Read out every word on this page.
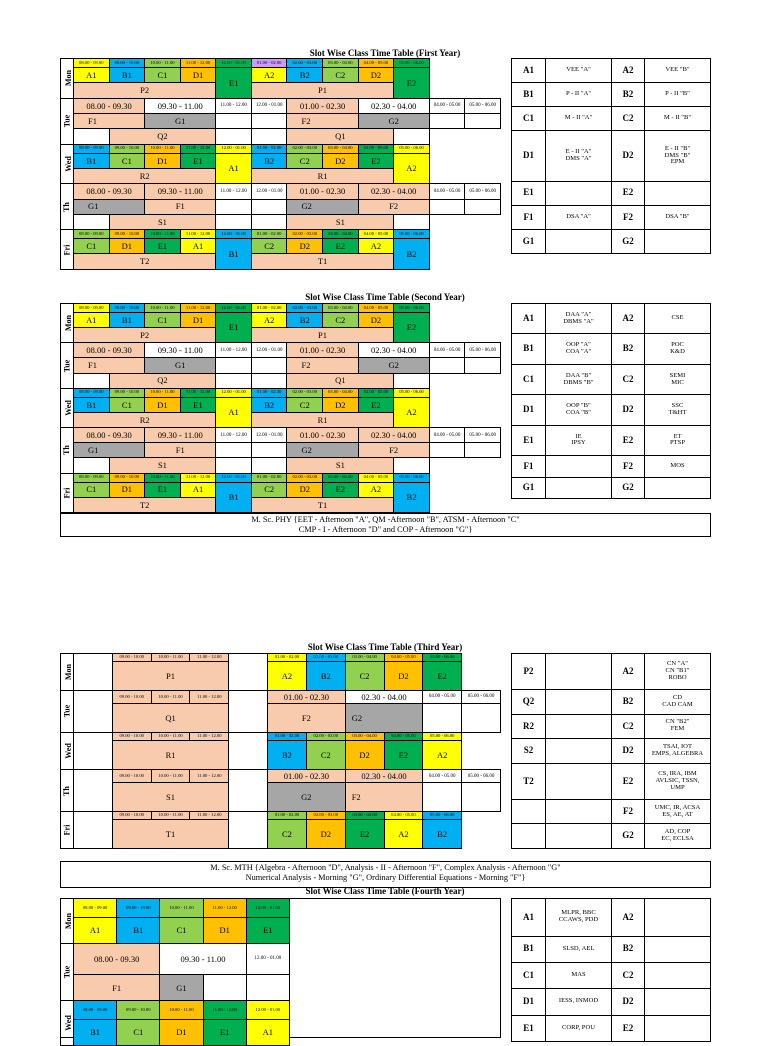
Slot Wise Class Time Table (First Year)
Mon	08.00 - 09.00	09.00 - 10.00	10.00 - 11.00	11.00 - 12.00	12.00 - 01.00	01.00 - 02.00	02.00 - 03.00	03.00 - 04.00	04.00 - 05.00	05.00 - 06.00		
	A1	B1	C1	D1	E1	A2	B2	C2	D2	E2		
	P2					P1						
Tue	08.00 - 09.30		09.30 - 11.00		11.00 - 12.00	12.00 - 01.00	01.00 - 02.30		02.30 - 04.00		04.00 - 05.00	05.00 - 06.00
	F1		G1				F2		G2			
		Q2					Q1					
Wed	08.00 - 09.00	09.00 - 10.00	10.00 - 11.00	11.00 - 12.00	12.00 - 01.00	01.00 - 02.00	02.00 - 03.00	03.00 - 04.00	04.00 - 05.00	05.00 - 06.00		
	B1	C1	D1	E1	A1	B2	C2	D2	E2	A2		
	R2					R1						
Th	08.00 - 09.30		09.30 - 11.00		11.00 - 12.00	12.00 - 01.00	01.00 - 02.30		02.30 - 04.00		04.00 - 05.00	05.00 - 06.00
	G1		F1				G2		F2			
		S1					S1					
Fri	08.00 - 09.00	09.00 - 10.00	10.00 - 11.00	11.00 - 12.00	12.00 - 01.00	01.00 - 02.00	02.00 - 03.00	03.00 - 04.00	04.00 - 05.00	05.00 - 06.00		
	C1	D1	E1	A1	B1	C2	D2	E2	A2	B2		
	T2					T1						
A1	VEE "A"	A2	VEE "B"
B1	P - II "A"	B2	P - II "B"
C1	M - II "A"	C2	M - II "B"
D1	E - II "A"
DMS "A"	D2	E - II "B"
DMS "B"
EPM
E1		E2	
F1	DSA "A"	F2	DSA "B"
G1		G2	
Slot Wise Class Time Table (Second Year)
Mon	08.00 - 09.00	09.00 - 10.00	10.00 - 11.00	11.00 - 12.00	12.00 - 01.00	01.00 - 02.00	02.00 - 03.00	03.00 - 04.00	04.00 - 05.00	05.00 - 06.00		
	A1	B1	C1	D1	E1	A2	B2	C2	D2	E2		
	P2					P1						
Tue	08.00 - 09.30		09.30 - 11.00		11.00 - 12.00	12.00 - 01.00	01.00 - 02.30		02.30 - 04.00		04.00 - 05.00	05.00 - 06.00
	F1		G1				F2		G2			
		Q2					Q1					
Wed	08.00 - 09.00	09.00 - 10.00	10.00 - 11.00	11.00 - 12.00	12.00 - 01.00	01.00 - 02.00	02.00 - 03.00	03.00 - 04.00	04.00 - 05.00	05.00 - 06.00		
	B1	C1	D1	E1	A1	B2	C2	D2	E2	A2		
	R2					R1						
Th	08.00 - 09.30		09.30 - 11.00		11.00 - 12.00	12.00 - 01.00	01.00 - 02.30		02.30 - 04.00		04.00 - 05.00	05.00 - 06.00
	G1		F1				G2		F2			
		S1					S1					
Fri	08.00 - 09.00	09.00 - 10.00	10.00 - 11.00	11.00 - 12.00	12.00 - 01.00	01.00 - 02.00	02.00 - 03.00	03.00 - 04.00	04.00 - 05.00	05.00 - 06.00		
	C1	D1	E1	A1	B1	C2	D2	E2	A2	B2		
	T2					T1						
A1	DAA "A"
DBMS "A"	A2	CSE
B1	OOP "A"
COA "A"	B2	POC
K&D
C1	DAA "B"
DBMS "B"	C2	SEMI
MIC
D1	OOP "B"
COA "B"	D2	SSC
T&HT
E1	IE
IPSY	E2	ET
PTSP
F1		F2	MOS
G1		G2	
M. Sc. PHY {EET - Afternoon "A", QM -Afternoon "B", ATSM - Afternoon "C"
CMP - I - Afternoon "D" and COP - Afternoon "G"}
Slot Wise Class Time Table (Third Year)
Mon		09.00 - 10.00	10.00 - 11.00	11.00 - 12.00		01.00 - 02.00	02.00 - 03.00	03.00 - 04.00	04.00 - 05.00	05.00 - 06.00	
		P1				A2	B2	C2	D2	E2	
Tue		09.00 - 10.00	10.00 - 11.00	11.00 - 12.00		01.00 - 02.30		02.30 - 04.00		04.00 - 05.00	05.00 - 06.00
		Q1				F2		G2			
Wed		09.00 - 10.00	10.00 - 11.00	11.00 - 12.00		01.00 - 02.00	02.00 - 03.00	03.00 - 04.00	04.00 - 05.00	05.00 - 06.00	
		R1				B2	C2	D2	E2	A2	
Th		09.00 - 10.00	10.00 - 11.00	11.00 - 12.00		01.00 - 02.30		02.30 - 04.00		04.00 - 05.00	05.00 - 06.00
		S1				G2		F2			
Fri		09.00 - 10.00	10.00 - 11.00	11.00 - 12.00		01.00 - 02.00	02.00 - 03.00	03.00 - 04.00	04.00 - 05.00	05.00 - 06.00	
		T1				C2	D2	E2	A2	B2	
P2		A2	CN "A"
CN "B1"
ROBO
Q2		B2	CD
CAD CAM
R2		C2	CN "B2"
FEM
S2		D2	TSAI, IOT
EMPS, ALGEBRA
T2		E2	CS, IRA, IBM
AVLSIC, TSSN,
UMP
		F2	UMC, IR, ACSA
ES, AE, AT
		G2	AD, COP
EC, ECLSA
M. Sc. MTH {Algebra - Afternoon "D", Analysis - II - Afternoon "F", Complex Analysis - Afternoon "G"
Numerical Analysis - Morning "G", Ordinary Differential Equations - Morning "F"}
Slot Wise Class Time Table (Fourth Year)
Mon	08.00 - 09.00	09.00 - 10.00	10.00 - 11.00	11.00 - 12.00	12.00 - 01.00
	A1	B1	C1	D1	E1
Tue	08.00 - 09.30		09.30 - 11.00		12.00 - 01.00
	F1		G1		
Wed	08.00 - 09.00	09.00 - 10.00	10.00 - 11.00	11.00 - 12.00	12.00 - 01.00
	B1	C1	D1	E1	A1
A1	MLPR, BBC
CCAWS, PDD	A2	
B1	SLSD, AEL	B2	
C1	MAS	C2	
D1	IESS, INMOD	D2	
E1	CORP, POU	E2	
